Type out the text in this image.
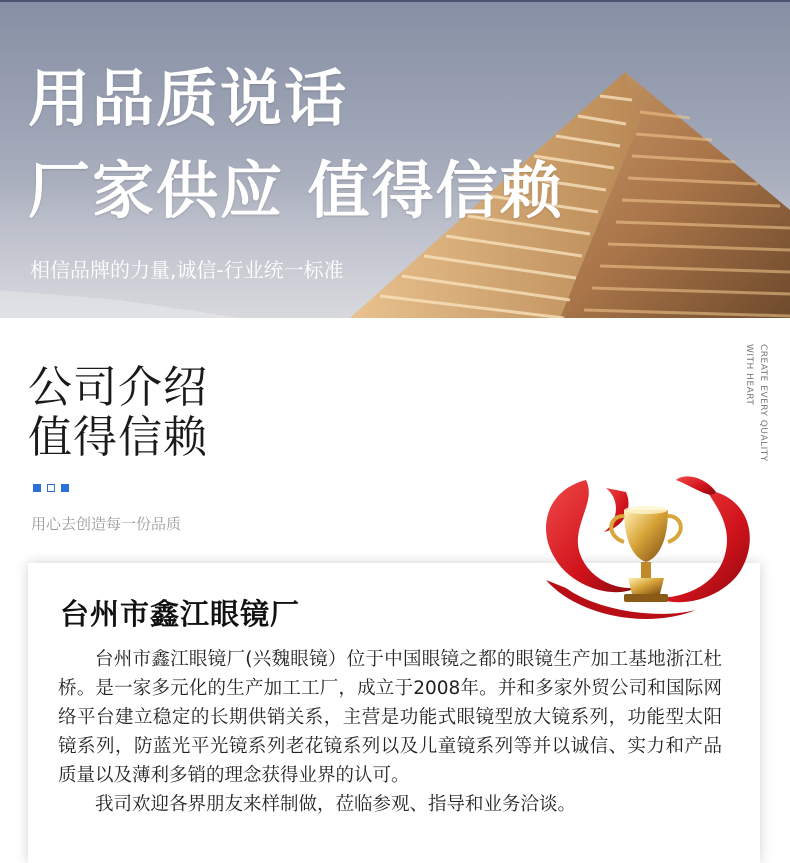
用品质说话
厂家供应 值得信赖
相信品牌的力量,诚信-行业统一标准
公司介绍
值得信赖	CREATE EVERY QUALITY WITH HEART
用心去创造每一份品质
台州市鑫江眼镜厂

台州市鑫江眼镜厂(兴魏眼镜）位于中国眼镜之都的眼镜生产加工基地浙江杜桥。是一家多元化的生产加工工厂，成立于2008年。并和多家外贸公司和国际网络平台建立稳定的长期供销关系，主营是功能式眼镜型放大镜系列，功能型太阳镜系列，防蓝光平光镜系列老花镜系列以及儿童镜系列等并以诚信、实力和产品质量以及薄利多销的理念获得业界的认可。

我司欢迎各界朋友来样制做，莅临参观、指导和业务洽谈。
